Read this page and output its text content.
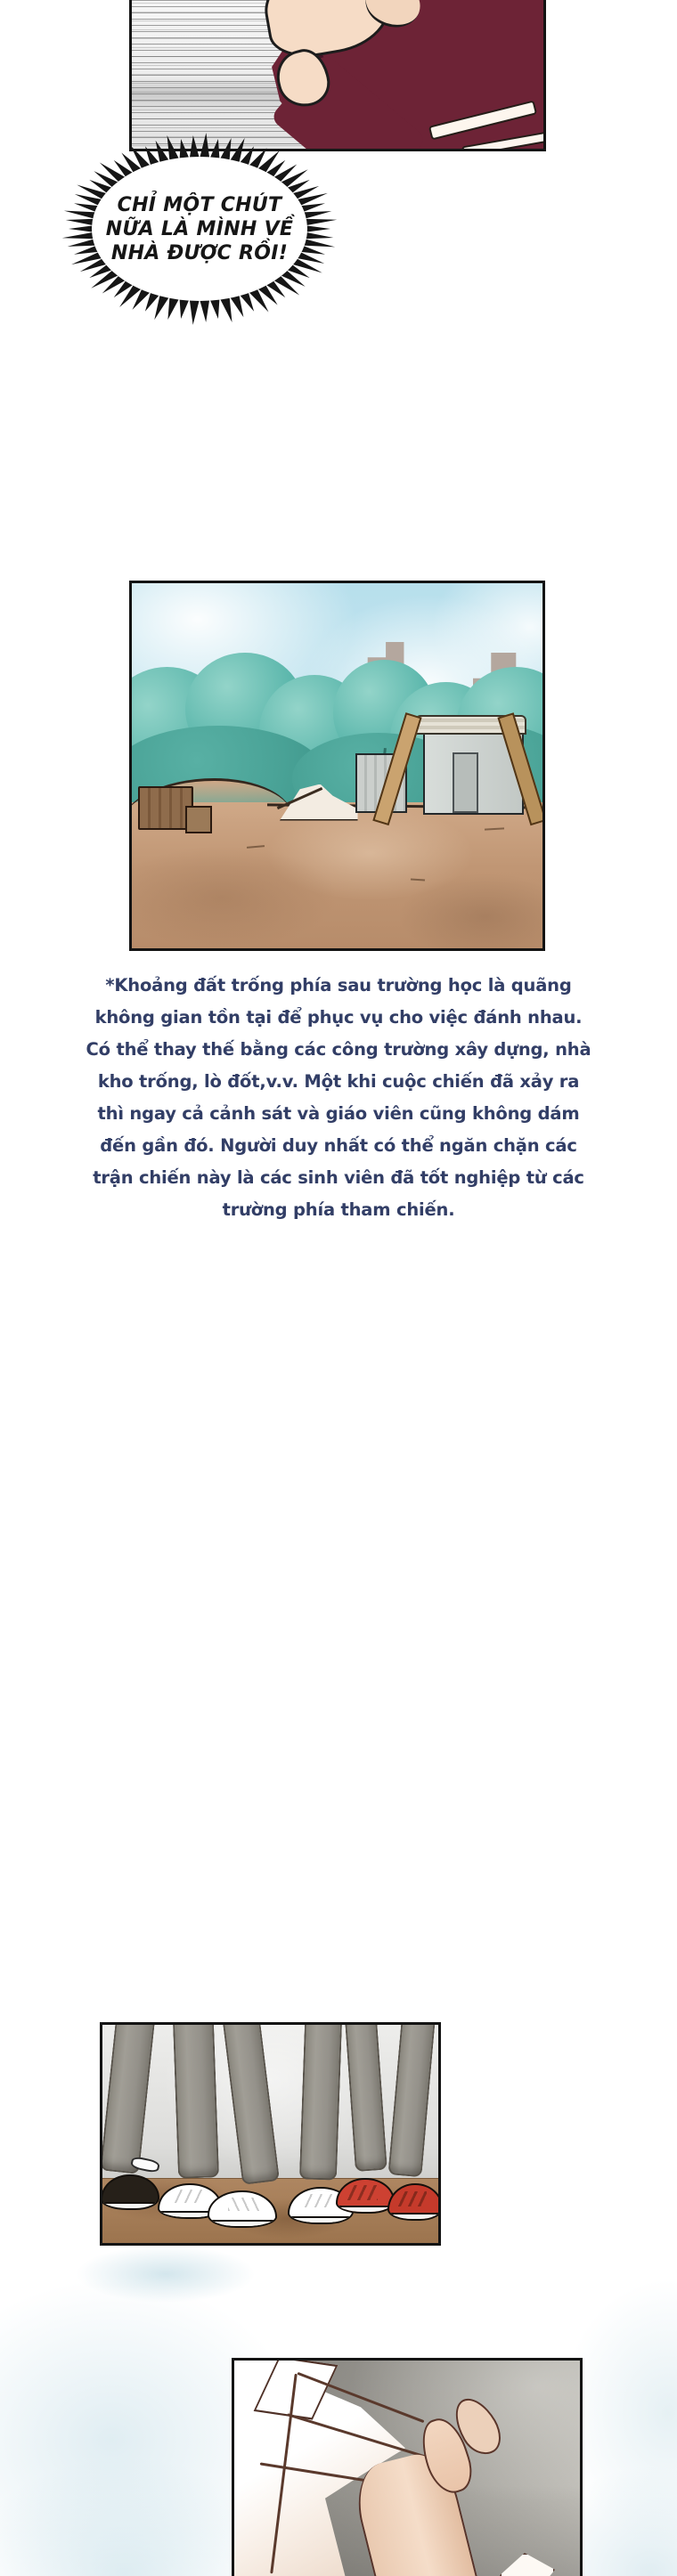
CHỈ MỘT CHÚT
NỮA LÀ MÌNH VỀ
NHÀ ĐƯỢC RỒI!
*Khoảng đất trống phía sau trường học là quãng
không gian tồn tại để phục vụ cho việc đánh nhau.
Có thể thay thế bằng các công trường xây dựng, nhà
kho trống, lò đốt,v.v. Một khi cuộc chiến đã xảy ra
thì ngay cả cảnh sát và giáo viên cũng không dám
đến gần đó. Người duy nhất có thể ngăn chặn các
trận chiến này là các sinh viên đã tốt nghiệp từ các
trường phía tham chiến.
